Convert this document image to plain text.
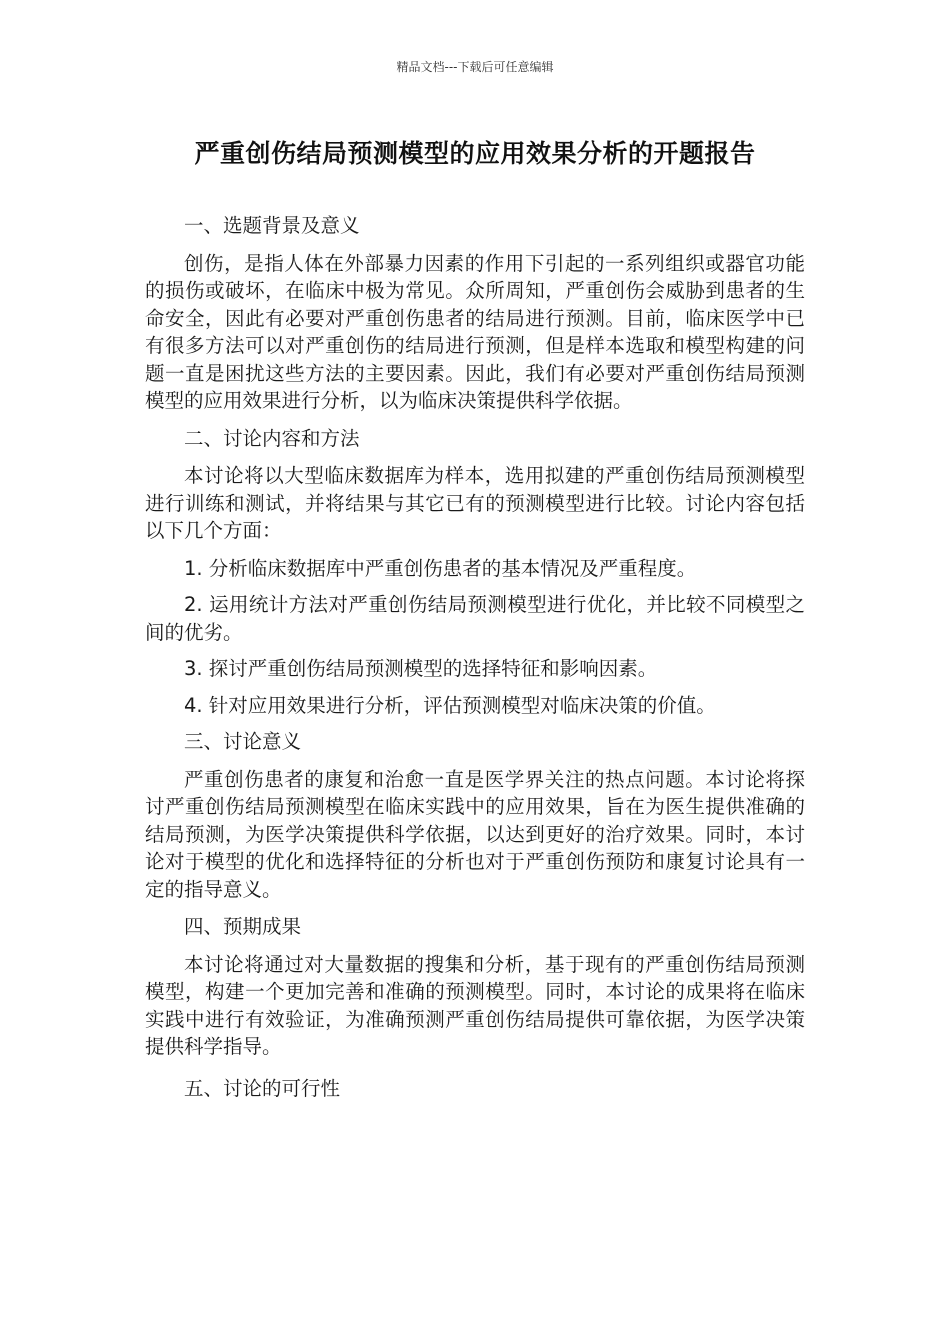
精品文档---下载后可任意编辑
严重创伤结局预测模型的应用效果分析的开题报告

一、选题背景及意义

创伤，是指人体在外部暴力因素的作用下引起的一系列组织或器官功能的损伤或破坏，在临床中极为常见。众所周知，严重创伤会威胁到患者的生命安全，因此有必要对严重创伤患者的结局进行预测。目前，临床医学中已有很多方法可以对严重创伤的结局进行预测，但是样本选取和模型构建的问题一直是困扰这些方法的主要因素。因此，我们有必要对严重创伤结局预测模型的应用效果进行分析，以为临床决策提供科学依据。

二、讨论内容和方法

本讨论将以大型临床数据库为样本，选用拟建的严重创伤结局预测模型进行训练和测试，并将结果与其它已有的预测模型进行比较。讨论内容包括以下几个方面：

1. 分析临床数据库中严重创伤患者的基本情况及严重程度。

2. 运用统计方法对严重创伤结局预测模型进行优化，并比较不同模型之间的优劣。

3. 探讨严重创伤结局预测模型的选择特征和影响因素。

4. 针对应用效果进行分析，评估预测模型对临床决策的价值。

三、讨论意义

严重创伤患者的康复和治愈一直是医学界关注的热点问题。本讨论将探讨严重创伤结局预测模型在临床实践中的应用效果，旨在为医生提供准确的结局预测，为医学决策提供科学依据，以达到更好的治疗效果。同时，本讨论对于模型的优化和选择特征的分析也对于严重创伤预防和康复讨论具有一定的指导意义。

四、预期成果

本讨论将通过对大量数据的搜集和分析，基于现有的严重创伤结局预测模型，构建一个更加完善和准确的预测模型。同时，本讨论的成果将在临床实践中进行有效验证，为准确预测严重创伤结局提供可靠依据，为医学决策提供科学指导。

五、讨论的可行性
